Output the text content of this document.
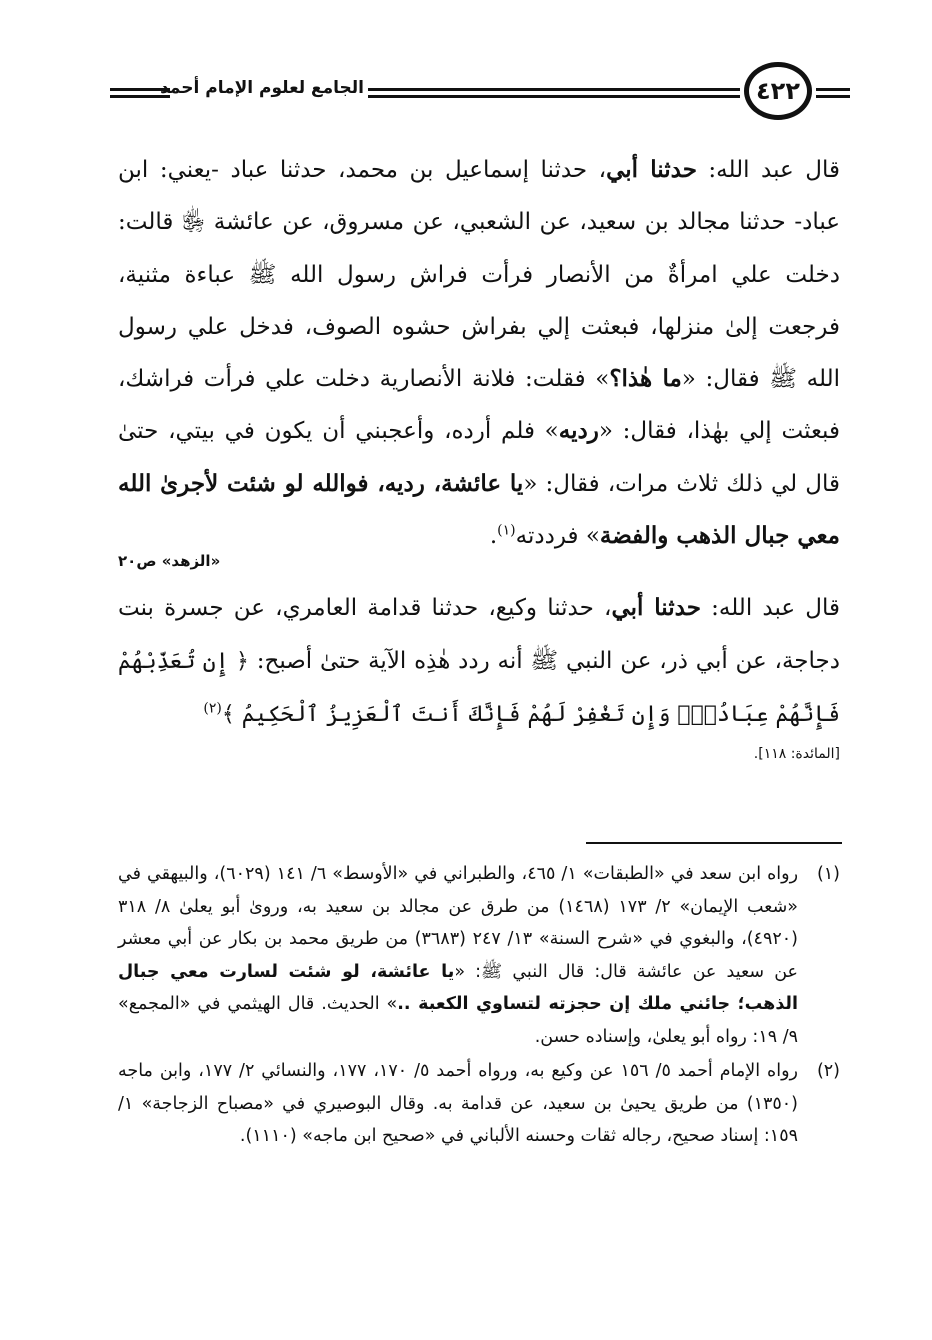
الجامع لعلوم الإمام أحمد	٤٢٢

قال عبد الله: حدثنا أبي، حدثنا إسماعيل بن محمد، حدثنا عباد -يعني: ابن عباد- حدثنا مجالد بن سعيد، عن الشعبي، عن مسروق، عن عائشة ﵂ قالت: دخلت علي امرأةٌ من الأنصار فرأت فراش رسول الله ﷺ عباءة مثنية، فرجعت إلىٰ منزلها، فبعثت إلي بفراش حشوه الصوف، فدخل علي رسول الله ﷺ فقال: «ما هٰذا؟» فقلت: فلانة الأنصارية دخلت علي فرأت فراشك، فبعثت إلي بهٰذا، فقال: «رديه» فلم أرده، وأعجبني أن يكون في بيتي، حتىٰ قال لي ذلك ثلاث مرات، فقال: «يا عائشة، رديه، فوالله لو شئت لأجرىٰ الله معي جبال الذهب والفضة» فرددته$^{(١)}$.

«الزهد» ص٢٠

قال عبد الله: حدثنا أبي، حدثنا وكيع، حدثنا قدامة العامري، عن جسرة بنت دجاجة، عن أبي ذر، عن النبي ﷺ أنه ردد هٰذِه الآية حتىٰ أصبح: ﴿ إِن تُعَذِّبْهُمْ فَإِنَّهُمْ عِبَادُكَۖ وَإِن تَغْفِرْ لَهُمْ فَإِنَّكَ أَنتَ ٱلْعَزِيزُ ٱلْحَكِيمُ ﴾$^{(٢)}$

[المائدة: ١١٨].
(١)
رواه ابن سعد في «الطبقات» ١/ ٤٦٥، والطبراني في «الأوسط» ٦/ ١٤١ (٦٠٢٩)، والبيهقي في «شعب الإيمان» ٢/ ١٧٣ (١٤٦٨) من طرق عن مجالد بن سعيد به، وروىٰ أبو يعلىٰ ٨/ ٣١٨ (٤٩٢٠)، والبغوي في «شرح السنة» ١٣/ ٢٤٧ (٣٦٨٣) من طريق محمد بن بكار عن أبي معشر عن سعيد عن عائشة قال: قال النبي ﷺ: «يا عائشة، لو شئت لسارت معي جبال الذهب؛ جائني ملك إن حجزته لتساوي الكعبة ..» الحديث. قال الهيثمي في «المجمع» ٩/ ١٩: رواه أبو يعلىٰ، وإسناده حسن.
(٢)
رواه الإمام أحمد ٥/ ١٥٦ عن وكيع به، ورواه أحمد ٥/ ١٧٠، ١٧٧، والنسائي ٢/ ١٧٧، وابن ماجه (١٣٥٠) من طريق يحيىٰ بن سعيد، عن قدامة به. وقال البوصيري في «مصباح الزجاجة» ١/ ١٥٩: إسناد صحيح، رجاله ثقات وحسنه الألباني في «صحيح ابن ماجه» (١١١٠).
